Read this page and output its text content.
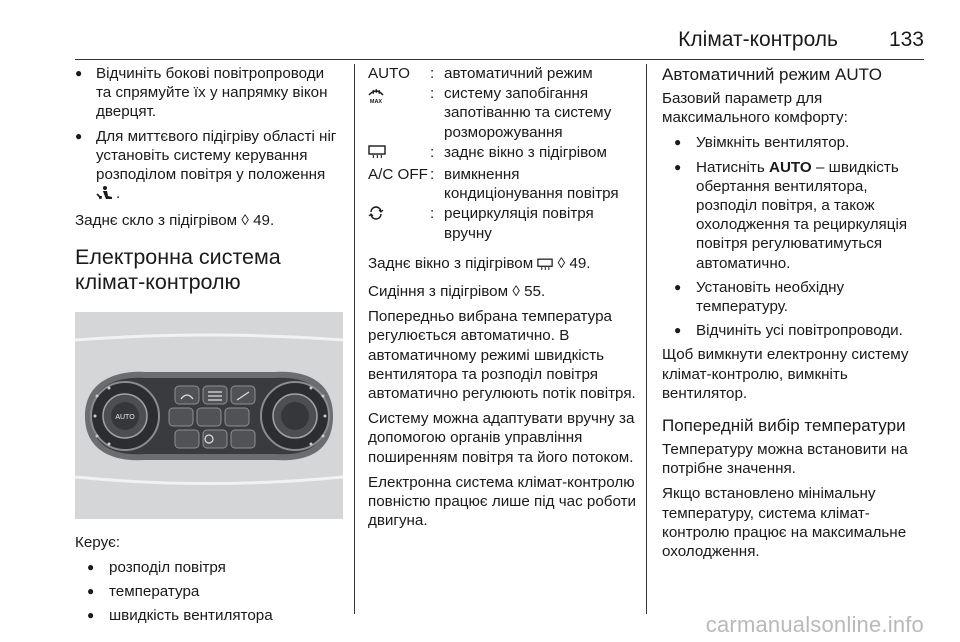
Клімат-контроль 133
● Відчиніть бокові повітропроводи та спрямуйте їх у напрямку вікон дверцят.
● Для миттєвого підігріву області ніг установіть систему керування розподілом повітря у положення .
Заднє скло з підігрівом ◊ 49.
Електронна система клімат-контролю
AUTO
Керує:
● розподіл повітря
● температура
● швидкість вентилятора
AUTO	:	автоматичний режим

MAX	:	систему запобігання запотіванню та систему розморожування
	:	заднє вікно з підігрівом
A/C OFF	:	вимкнення кондиціонування повітря
	:	рециркуляція повітря вручну
Заднє вікно з підігрівом ◊ 49.
Сидіння з підігрівом ◊ 55.
Попередньо вибрана температура регулюється автоматично. В автоматичному режимі швидкість вентилятора та розподіл повітря автоматично регулюють потік повітря.
Систему можна адаптувати вручну за допомогою органів управління поширенням повітря та його потоком.
Електронна система клімат-контролю повністю працює лише під час роботи двигуна.
Автоматичний режим AUTO
Базовий параметр для максимального комфорту:
● Увімкніть вентилятор.
● Натисніть AUTO – швидкість обертання вентилятора, розподіл повітря, а також охолодження та рециркуляція повітря регулюватимуться автоматично.
● Установіть необхідну температуру.
● Відчиніть усі повітропроводи.
Щоб вимкнути електронну систему клімат-контролю, вимкніть вентилятор.
Попередній вибір температури
Температуру можна встановити на потрібне значення.
Якщо встановлено мінімальну температуру, система клімат-контролю працює на максимальне охолодження.
carmanualsonline.info
